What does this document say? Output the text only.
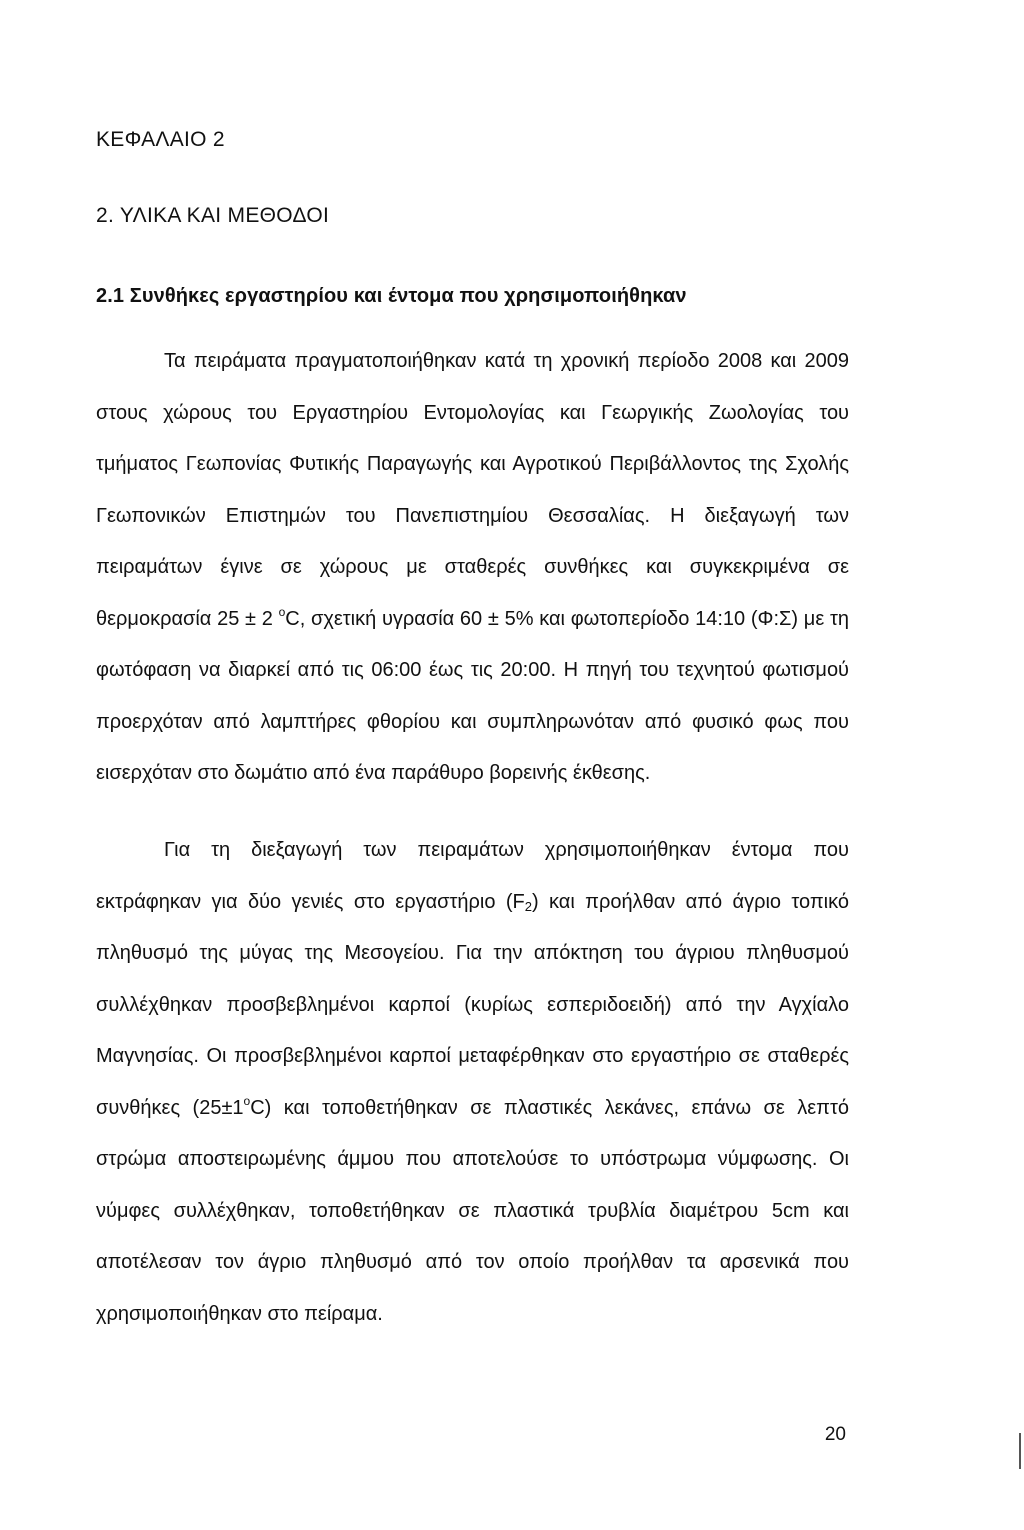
ΚΕΦΑΛΑΙΟ 2
2. ΥΛΙΚΑ ΚΑΙ ΜΕΘΟΔΟΙ
2.1 Συνθήκες εργαστηρίου και έντομα που χρησιμοποιήθηκαν

Τα πειράματα πραγματοποιήθηκαν κατά τη χρονική περίοδο 2008 και 2009 στους χώρους του Εργαστηρίου Εντομολογίας και Γεωργικής Ζωολογίας του τμήματος Γεωπονίας Φυτικής Παραγωγής και Αγροτικού Περιβάλλοντος της Σχολής Γεωπονικών Επιστημών του Πανεπιστημίου Θεσσαλίας. Η διεξαγωγή των πειραμάτων έγινε σε χώρους με σταθερές συνθήκες και συγκεκριμένα σε θερμοκρασία 25 ± 2 $^o$C, σχετική υγρασία 60 ± 5% και φωτοπερίοδο 14:10 (Φ:Σ) με τη φωτόφαση να διαρκεί από τις 06:00 έως τις 20:00. Η πηγή του τεχνητού φωτισμού προερχόταν από λαμπτήρες φθορίου και συμπληρωνόταν από φυσικό φως που εισερχόταν στο δωμάτιο από ένα παράθυρο βορεινής έκθεσης.

Για τη διεξαγωγή των πειραμάτων χρησιμοποιήθηκαν έντομα που εκτράφηκαν για δύο γενιές στο εργαστήριο $(F_2)$ και προήλθαν από άγριο τοπικό πληθυσμό της μύγας της Μεσογείου. Για την απόκτηση του άγριου πληθυσμού συλλέχθηκαν προσβεβλημένοι καρποί (κυρίως εσπεριδοειδή) από την Αγχίαλο Μαγνησίας. Οι προσβεβλημένοι καρποί μεταφέρθηκαν στο εργαστήριο σε σταθερές συνθήκες $(25\pm 1^oC)$ και τοποθετήθηκαν σε πλαστικές λεκάνες, επάνω σε λεπτό στρώμα αποστειρωμένης άμμου που αποτελούσε το υπόστρωμα νύμφωσης. Οι νύμφες συλλέχθηκαν, τοποθετήθηκαν σε πλαστικά τρυβλία διαμέτρου 5cm και αποτέλεσαν τον άγριο πληθυσμό από τον οποίο προήλθαν τα αρσενικά που χρησιμοποιήθηκαν στο πείραμα.

20
